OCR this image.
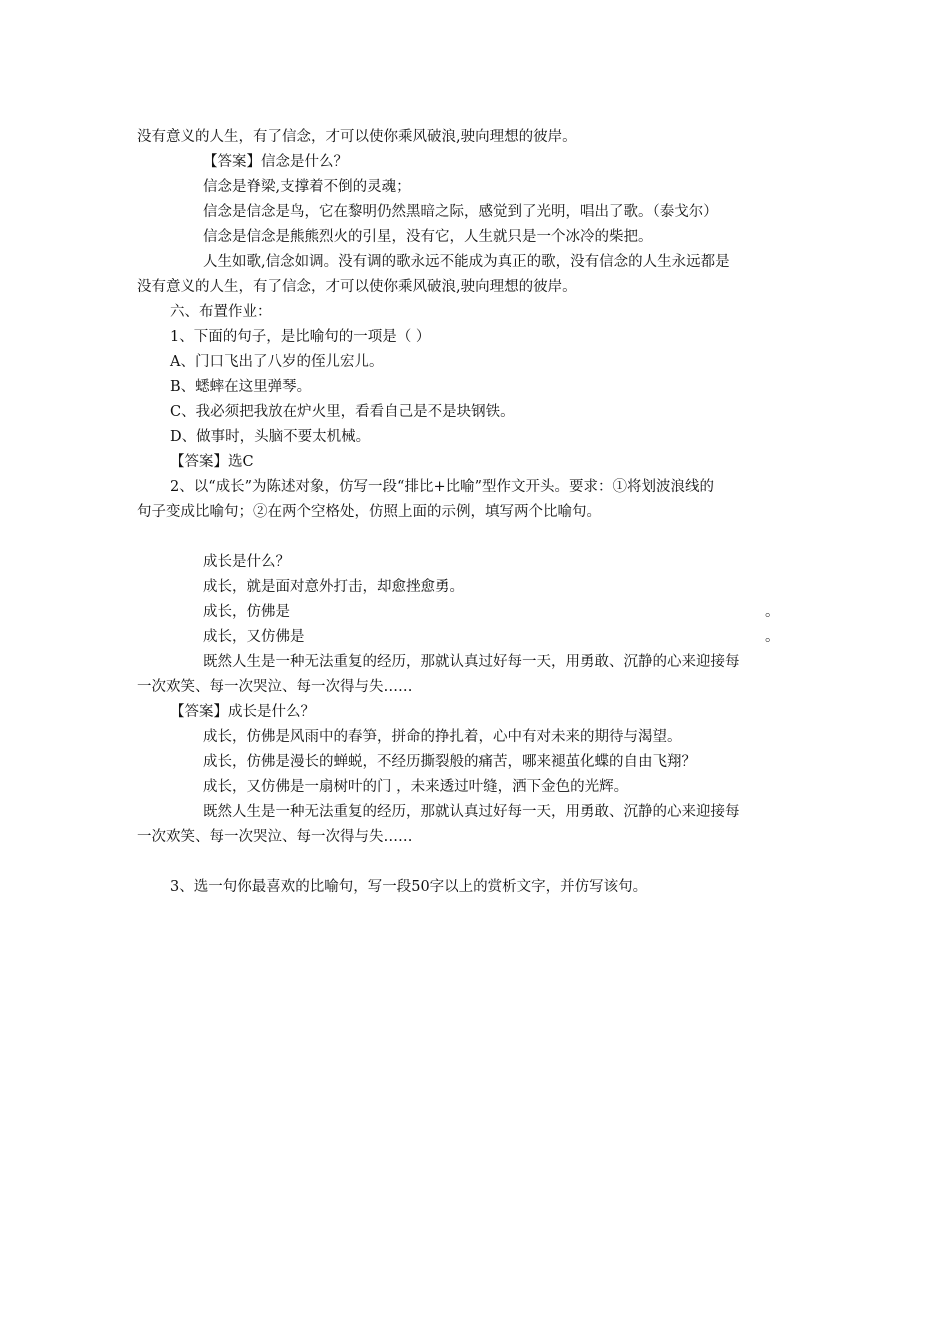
没有意义的人生，有了信念，才可以使你乘风破浪,驶向理想的彼岸。

【答案】信念是什么？

信念是脊梁,支撑着不倒的灵魂；

信念是信念是鸟，它在黎明仍然黑暗之际，感觉到了光明，唱出了歌。（泰戈尔）

信念是信念是熊熊烈火的引星，没有它，人生就只是一个冰冷的柴把。

人生如歌,信念如调。没有调的歌永远不能成为真正的歌，没有信念的人生永远都是

没有意义的人生，有了信念，才可以使你乘风破浪,驶向理想的彼岸。

六、布置作业：

1、下面的句子，是比喻句的一项是（ ）

A、门口飞出了八岁的侄儿宏儿。

B、蟋蟀在这里弹琴。

C、我必须把我放在炉火里，看看自己是不是块钢铁。

D、做事时，头脑不要太机械。

【答案】选C

2、以“成长”为陈述对象，仿写一段“排比+比喻”型作文开头。要求：①将划波浪线的

句子变成比喻句；②在两个空格处，仿照上面的示例，填写两个比喻句。

成长是什么？

成长，就是面对意外打击，却愈挫愈勇。

成长，仿佛是	。

成长，又仿佛是	。

既然人生是一种无法重复的经历，那就认真过好每一天，用勇敢、沉静的心来迎接每

一次欢笑、每一次哭泣、每一次得与失……

【答案】成长是什么？

成长，仿佛是风雨中的春笋，拼命的挣扎着，心中有对未来的期待与渴望。

成长，仿佛是漫长的蝉蜕，不经历撕裂般的痛苦，哪来褪茧化蝶的自由飞翔？

成长，又仿佛是一扇树叶的门 ，未来透过叶缝，洒下金色的光辉。

既然人生是一种无法重复的经历，那就认真过好每一天，用勇敢、沉静的心来迎接每

一次欢笑、每一次哭泣、每一次得与失……

3、选一句你最喜欢的比喻句，写一段50字以上的赏析文字，并仿写该句。
